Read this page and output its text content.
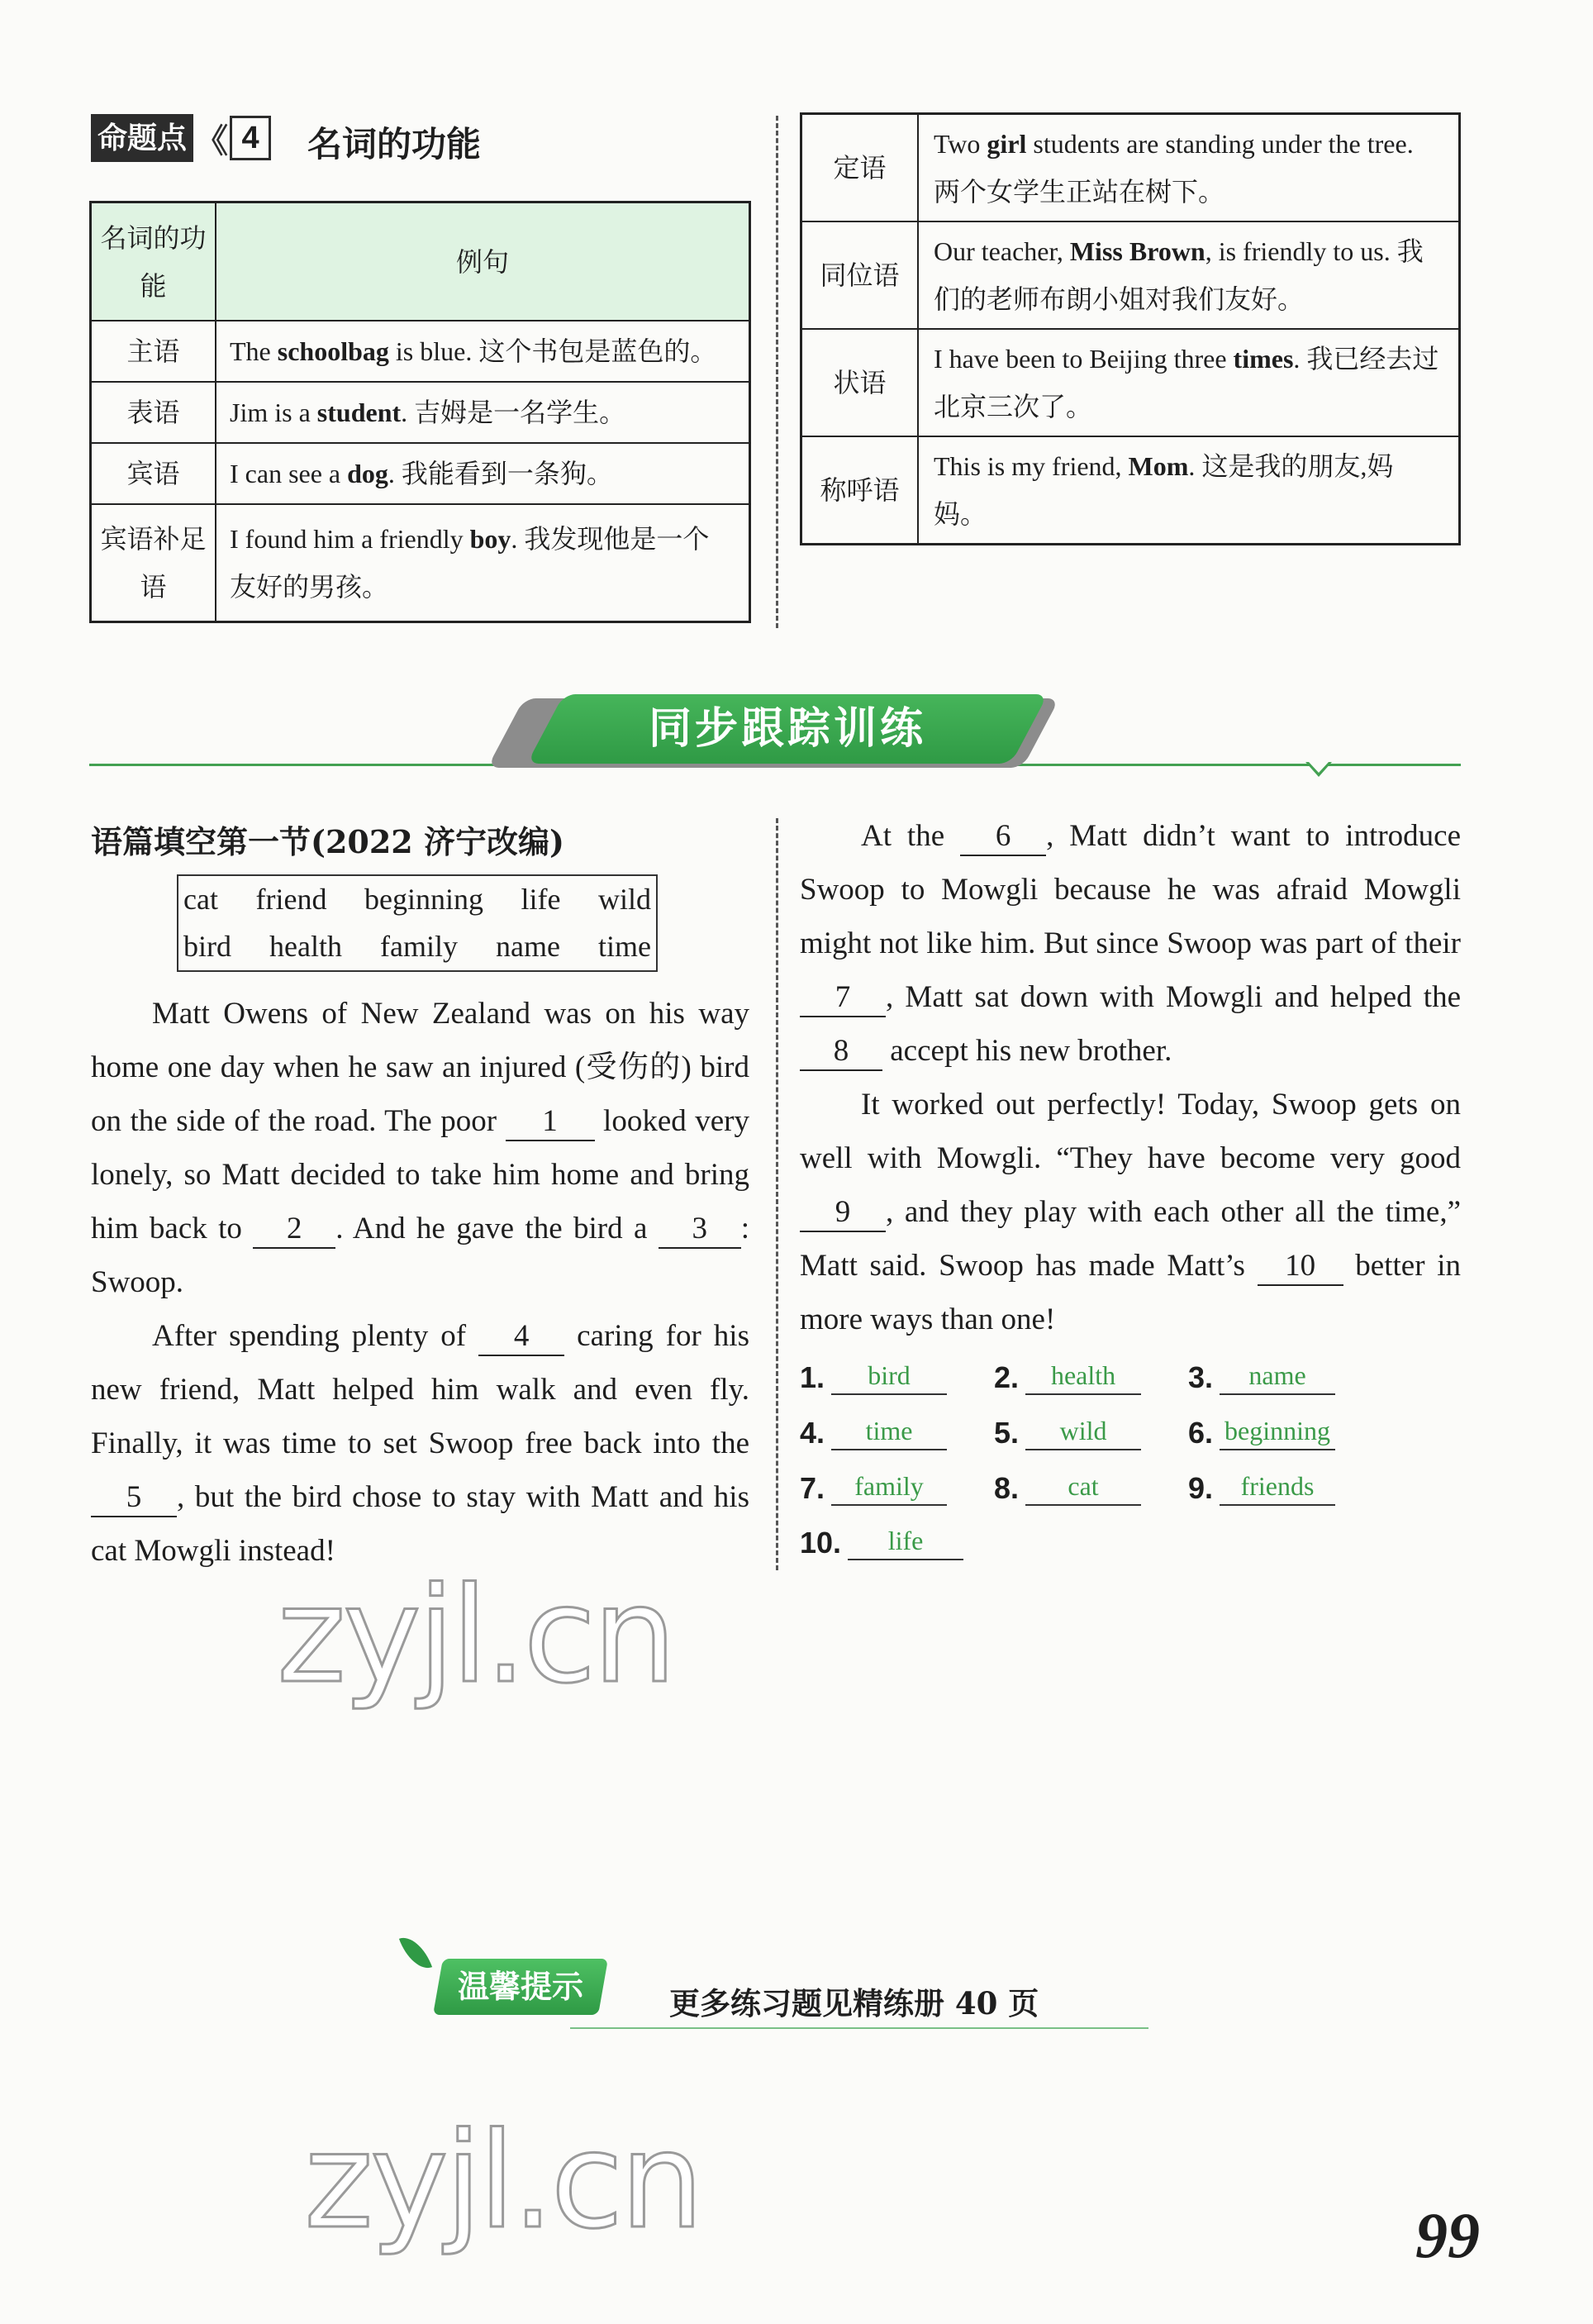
命题点 《 4	名词的功能
名词的功能	例句
主语	The schoolbag is blue. 这个书包是蓝色的。
表语	Jim is a student. 吉姆是一名学生。
宾语	I can see a dog. 我能看到一条狗。
宾语补足语	I found him a friendly boy. 我发现他是一个友好的男孩。
定语	Two girl students are standing under the tree. 两个女学生正站在树下。
同位语	Our teacher, Miss Brown, is friendly to us. 我们的老师布朗小姐对我们友好。
状语	I have been to Beijing three times. 我已经去过北京三次了。
称呼语	This is my friend, Mom. 这是我的朋友,妈妈。
同步跟踪训练
语篇填空第一节(2022 济宁改编)
cat friend beginning life wild
bird health family name time

Matt Owens of New Zealand was on his way home one day when he saw an injured (受伤的) bird on the side of the road. The poor 1 looked very lonely, so Matt decided to take him home and bring him back to 2 . And he gave the bird a 3 : Swoop.

After spending plenty of 4 caring for his new friend, Matt helped him walk and even fly. Finally, it was time to set Swoop free back into the 5 , but the bird chose to stay with Matt and his cat Mowgli instead!

At the 6 , Matt didn’t want to introduce Swoop to Mowgli because he was afraid Mowgli might not like him. But since Swoop was part of their 7 , Matt sat down with Mowgli and helped the 8 accept his new brother.

It worked out perfectly! Today, Swoop gets on well with Mowgli. “They have become very good 9 , and they play with each other all the time,” Matt said. Swoop has made Matt’s 10 better in more ways than one!

1.	bird	2.	health	3.	name
4.	time	5.	wild	6. beginning
7.	family	8.	cat	9.	friends
10.	life
zyjl.cn
zyjl.cn
温馨提示	更多练习题见精练册 40 页
99
